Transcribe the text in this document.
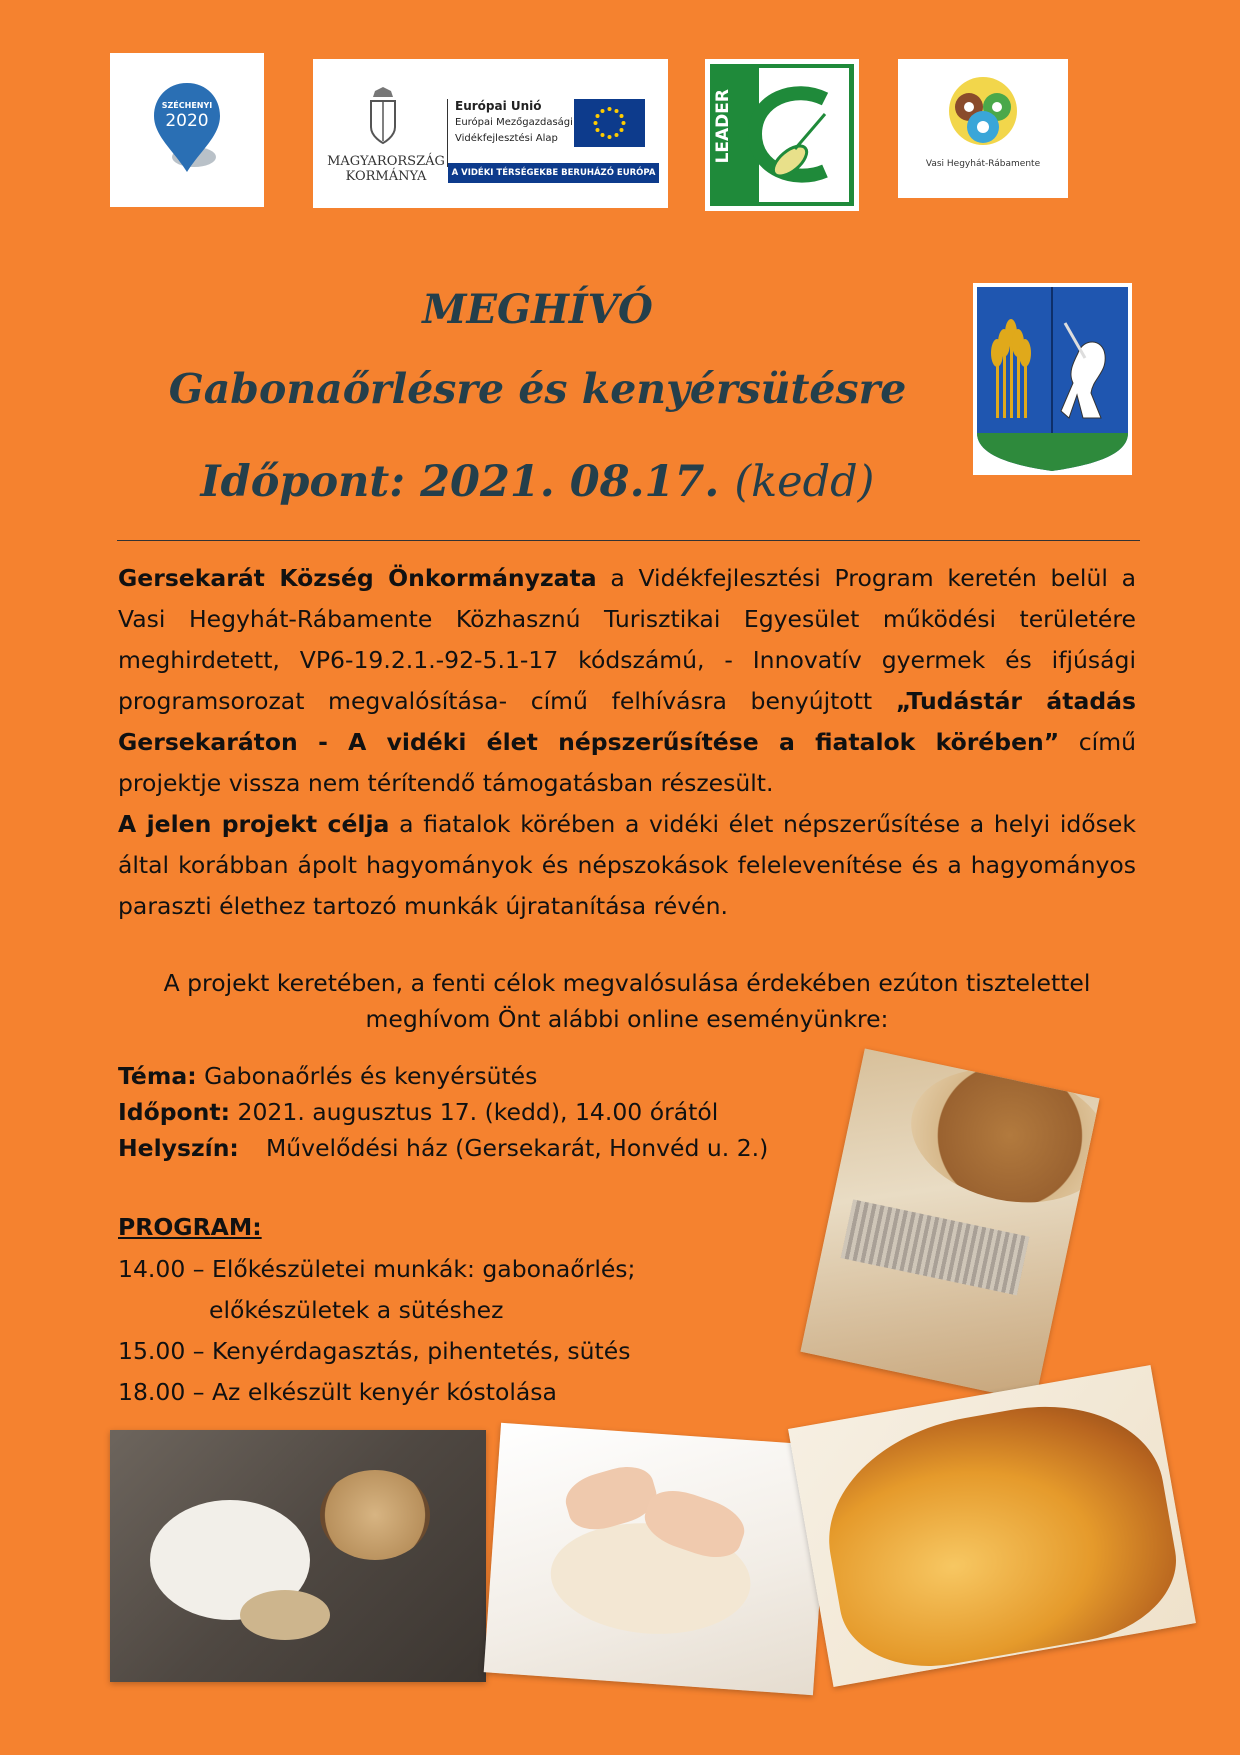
SZÉCHENYI
2020
MAGYARORSZÁG
KORMÁNYA
Európai Unió
Európai Mezőgazdasági
Vidékfejlesztési Alap
A VIDÉKI TÉRSÉGEKBE BERUHÁZÓ EURÓPA
LEADER
Vasi Hegyhát-Rábamente
MEGHÍVÓ
Gabonaőrlésre és kenyérsütésre
Időpont: 2021. 08.17. (kedd)
Gersekarát Község Önkormányzata a Vidékfejlesztési Program keretén belül a Vasi Hegyhát-Rábamente Közhasznú Turisztikai Egyesület működési területére meghirdetett, VP6-19.2.1.-92-5.1-17 kódszámú, - Innovatív gyermek és ifjúsági programsorozat megvalósítása- című felhívásra benyújtott „Tudástár átadás Gersekaráton - A vidéki élet népszerűsítése a fiatalok körében” című projektje vissza nem térítendő támogatásban részesült.
A jelen projekt célja a fiatalok körében a vidéki élet népszerűsítése a helyi idősek által korábban ápolt hagyományok és népszokások felelevenítése és a hagyományos paraszti élethez tartozó munkák újratanítása révén.
A projekt keretében, a fenti célok megvalósulása érdekében ezúton tisztelettel
meghívom Önt alábbi online eseményünkre:
Téma: Gabonaőrlés és kenyérsütés
Időpont: 2021. augusztus 17. (kedd), 14.00 órától
Helyszín: Művelődési ház (Gersekarát, Honvéd u. 2.)
PROGRAM:
14.00 – Előkészületei munkák: gabonaőrlés;
előkészületek a sütéshez
15.00 – Kenyérdagasztás, pihentetés, sütés
18.00 – Az elkészült kenyér kóstolása
